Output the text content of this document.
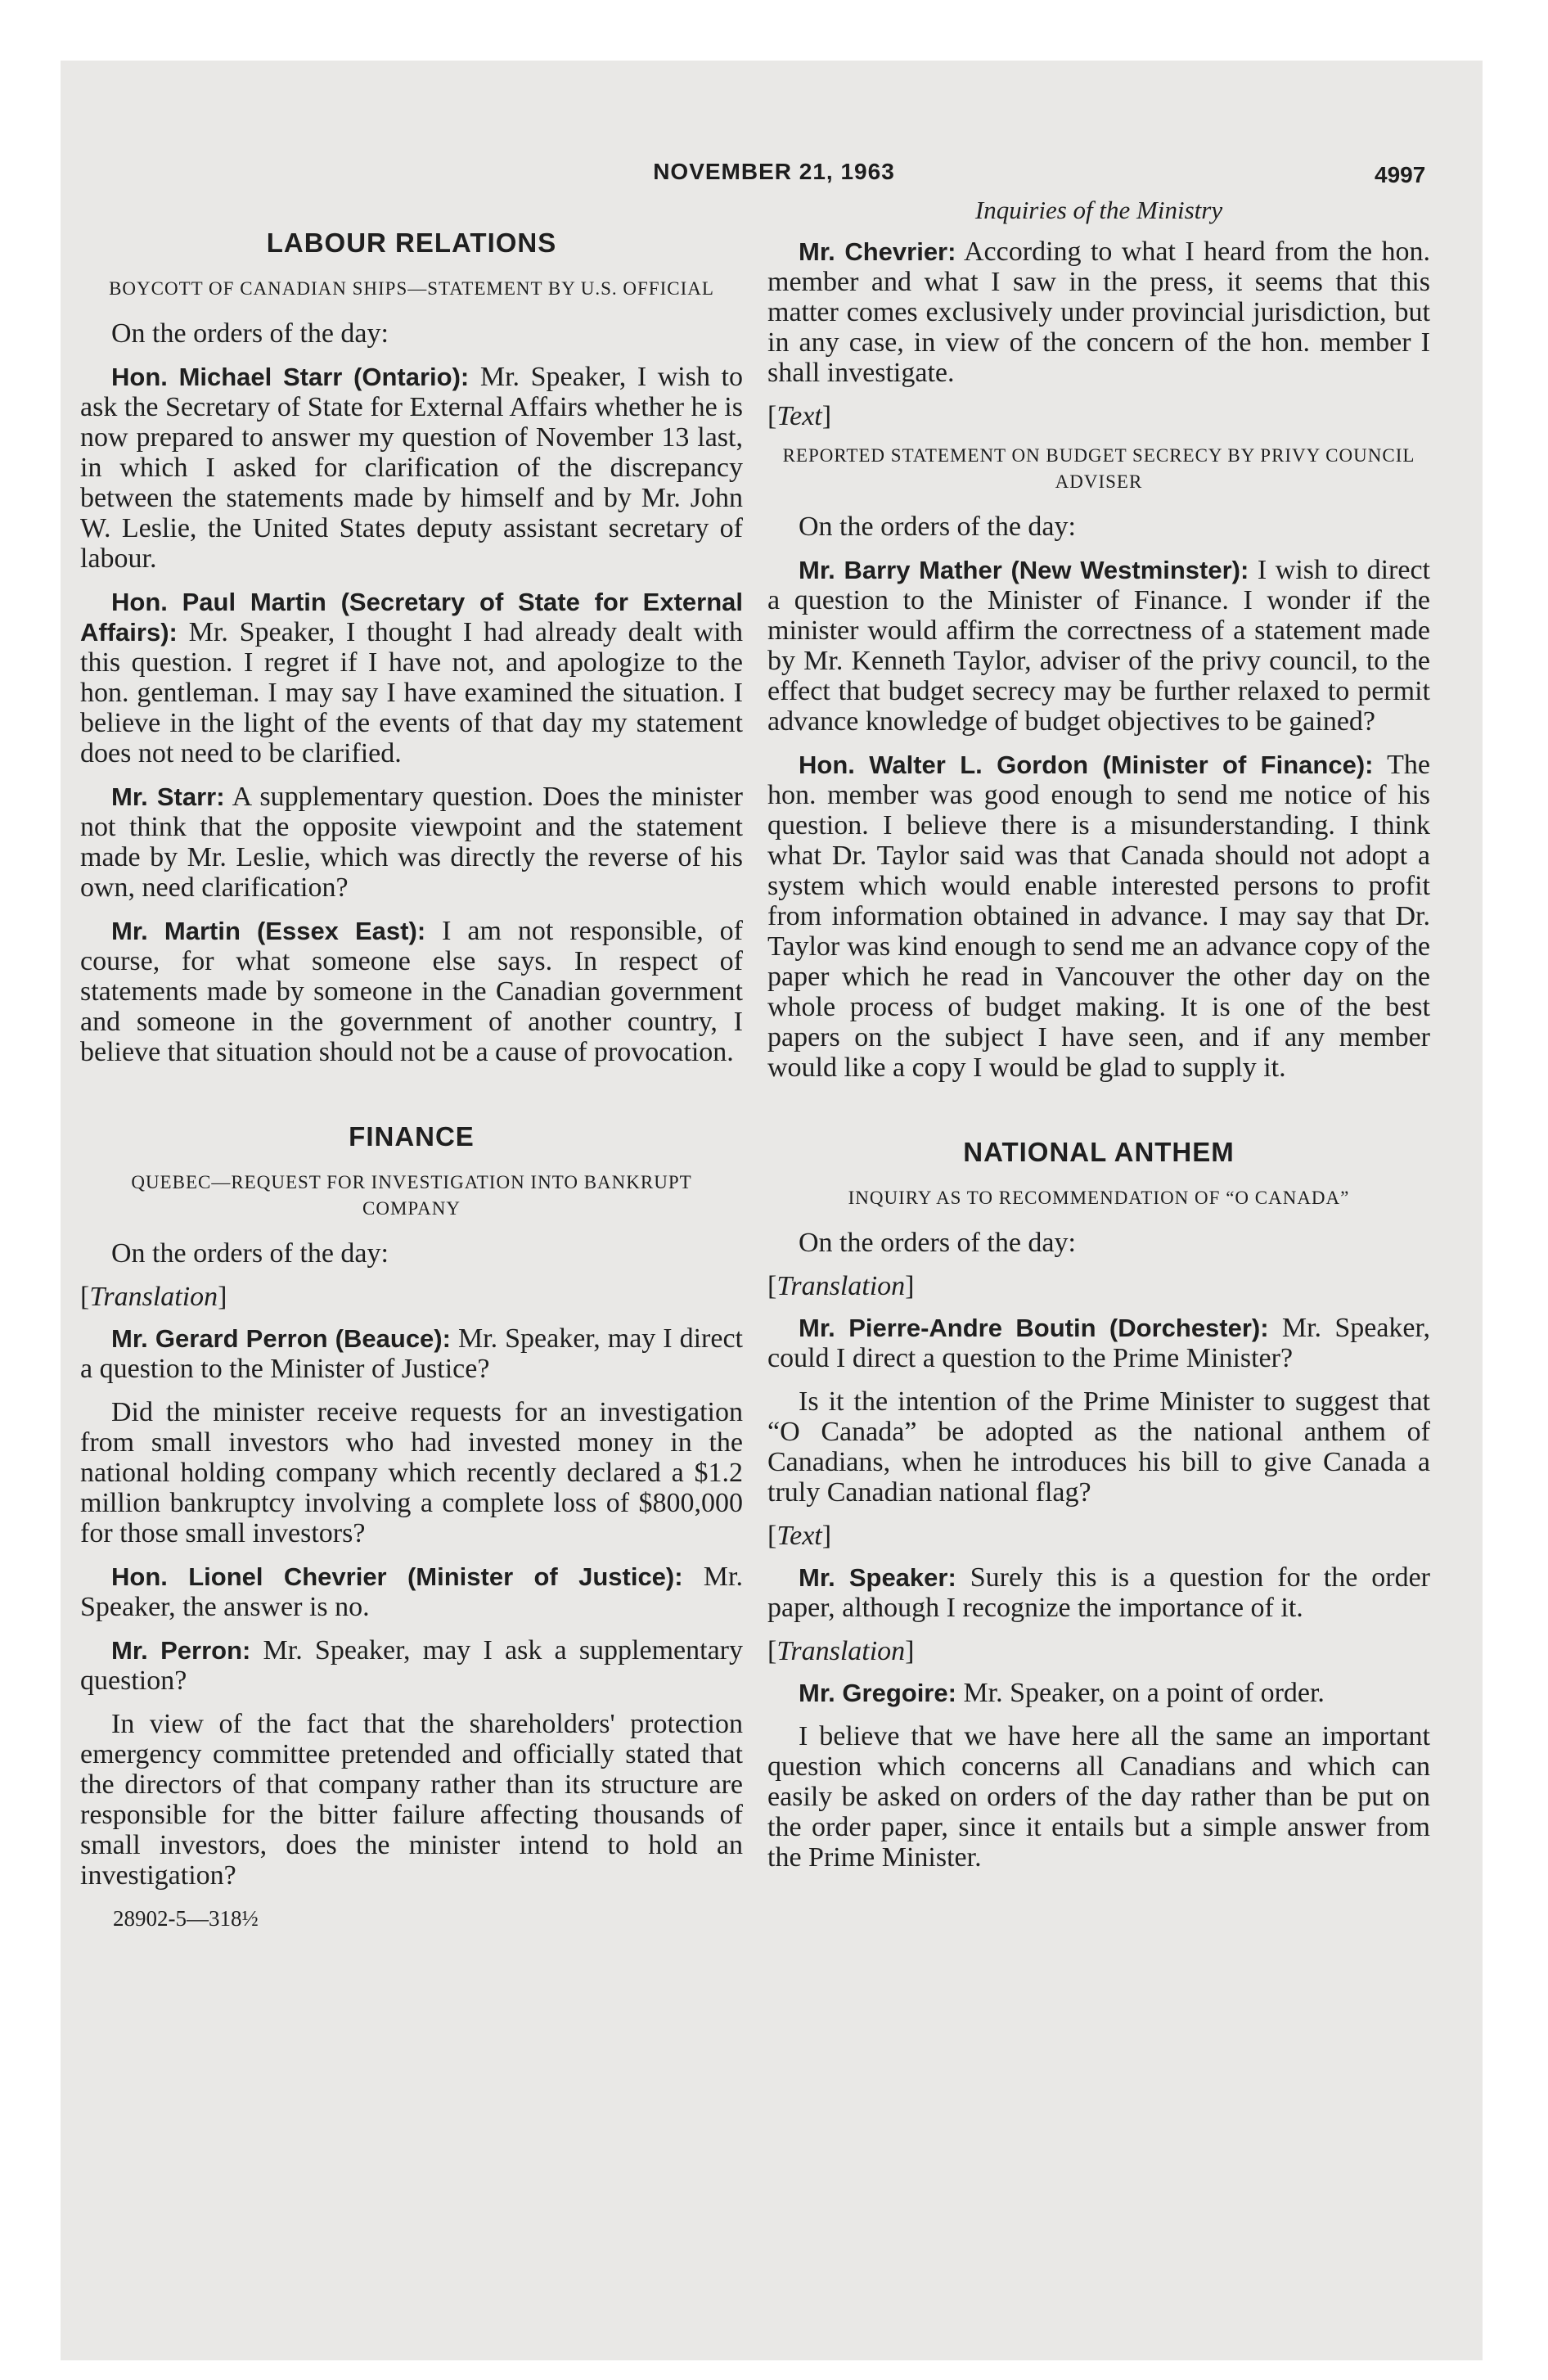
NOVEMBER 21, 1963	4997
LABOUR RELATIONS
BOYCOTT OF CANADIAN SHIPS—STATEMENT BY U.S. OFFICIAL

On the orders of the day:

Hon. Michael Starr (Ontario): Mr. Speaker, I wish to ask the Secretary of State for External Affairs whether he is now prepared to answer my question of November 13 last, in which I asked for clarification of the discrepancy between the statements made by himself and by Mr. John W. Leslie, the United States deputy assistant secretary of labour.

Hon. Paul Martin (Secretary of State for External Affairs): Mr. Speaker, I thought I had already dealt with this question. I regret if I have not, and apologize to the hon. gentleman. I may say I have examined the situation. I believe in the light of the events of that day my statement does not need to be clarified.

Mr. Starr: A supplementary question. Does the minister not think that the opposite viewpoint and the statement made by Mr. Leslie, which was directly the reverse of his own, need clarification?

Mr. Martin (Essex East): I am not responsible, of course, for what someone else says. In respect of statements made by someone in the Canadian government and someone in the government of another country, I believe that situation should not be a cause of provocation.

FINANCE
QUEBEC—REQUEST FOR INVESTIGATION INTO BANKRUPT COMPANY

On the orders of the day:

[Translation]

Mr. Gerard Perron (Beauce): Mr. Speaker, may I direct a question to the Minister of Justice?

Did the minister receive requests for an investigation from small investors who had invested money in the national holding company which recently declared a $1.2 million bankruptcy involving a complete loss of $800,000 for those small investors?

Hon. Lionel Chevrier (Minister of Justice): Mr. Speaker, the answer is no.

Mr. Perron: Mr. Speaker, may I ask a supplementary question?

In view of the fact that the shareholders' protection emergency committee pretended and officially stated that the directors of that company rather than its structure are responsible for the bitter failure affecting thousands of small investors, does the minister intend to hold an investigation?

28902-5—318½
Inquiries of the Ministry

Mr. Chevrier: According to what I heard from the hon. member and what I saw in the press, it seems that this matter comes exclusively under provincial jurisdiction, but in any case, in view of the concern of the hon. member I shall investigate.

[Text]
REPORTED STATEMENT ON BUDGET SECRECY BY PRIVY COUNCIL ADVISER

On the orders of the day:

Mr. Barry Mather (New Westminster): I wish to direct a question to the Minister of Finance. I wonder if the minister would affirm the correctness of a statement made by Mr. Kenneth Taylor, adviser of the privy council, to the effect that budget secrecy may be further relaxed to permit advance knowledge of budget objectives to be gained?

Hon. Walter L. Gordon (Minister of Finance): The hon. member was good enough to send me notice of his question. I believe there is a misunderstanding. I think what Dr. Taylor said was that Canada should not adopt a system which would enable interested persons to profit from information obtained in advance. I may say that Dr. Taylor was kind enough to send me an advance copy of the paper which he read in Vancouver the other day on the whole process of budget making. It is one of the best papers on the subject I have seen, and if any member would like a copy I would be glad to supply it.

NATIONAL ANTHEM
INQUIRY AS TO RECOMMENDATION OF “O CANADA”

On the orders of the day:

[Translation]

Mr. Pierre-Andre Boutin (Dorchester): Mr. Speaker, could I direct a question to the Prime Minister?

Is it the intention of the Prime Minister to suggest that “O Canada” be adopted as the national anthem of Canadians, when he introduces his bill to give Canada a truly Canadian national flag?

[Text]

Mr. Speaker: Surely this is a question for the order paper, although I recognize the importance of it.

[Translation]

Mr. Gregoire: Mr. Speaker, on a point of order.

I believe that we have here all the same an important question which concerns all Canadians and which can easily be asked on orders of the day rather than be put on the order paper, since it entails but a simple answer from the Prime Minister.
